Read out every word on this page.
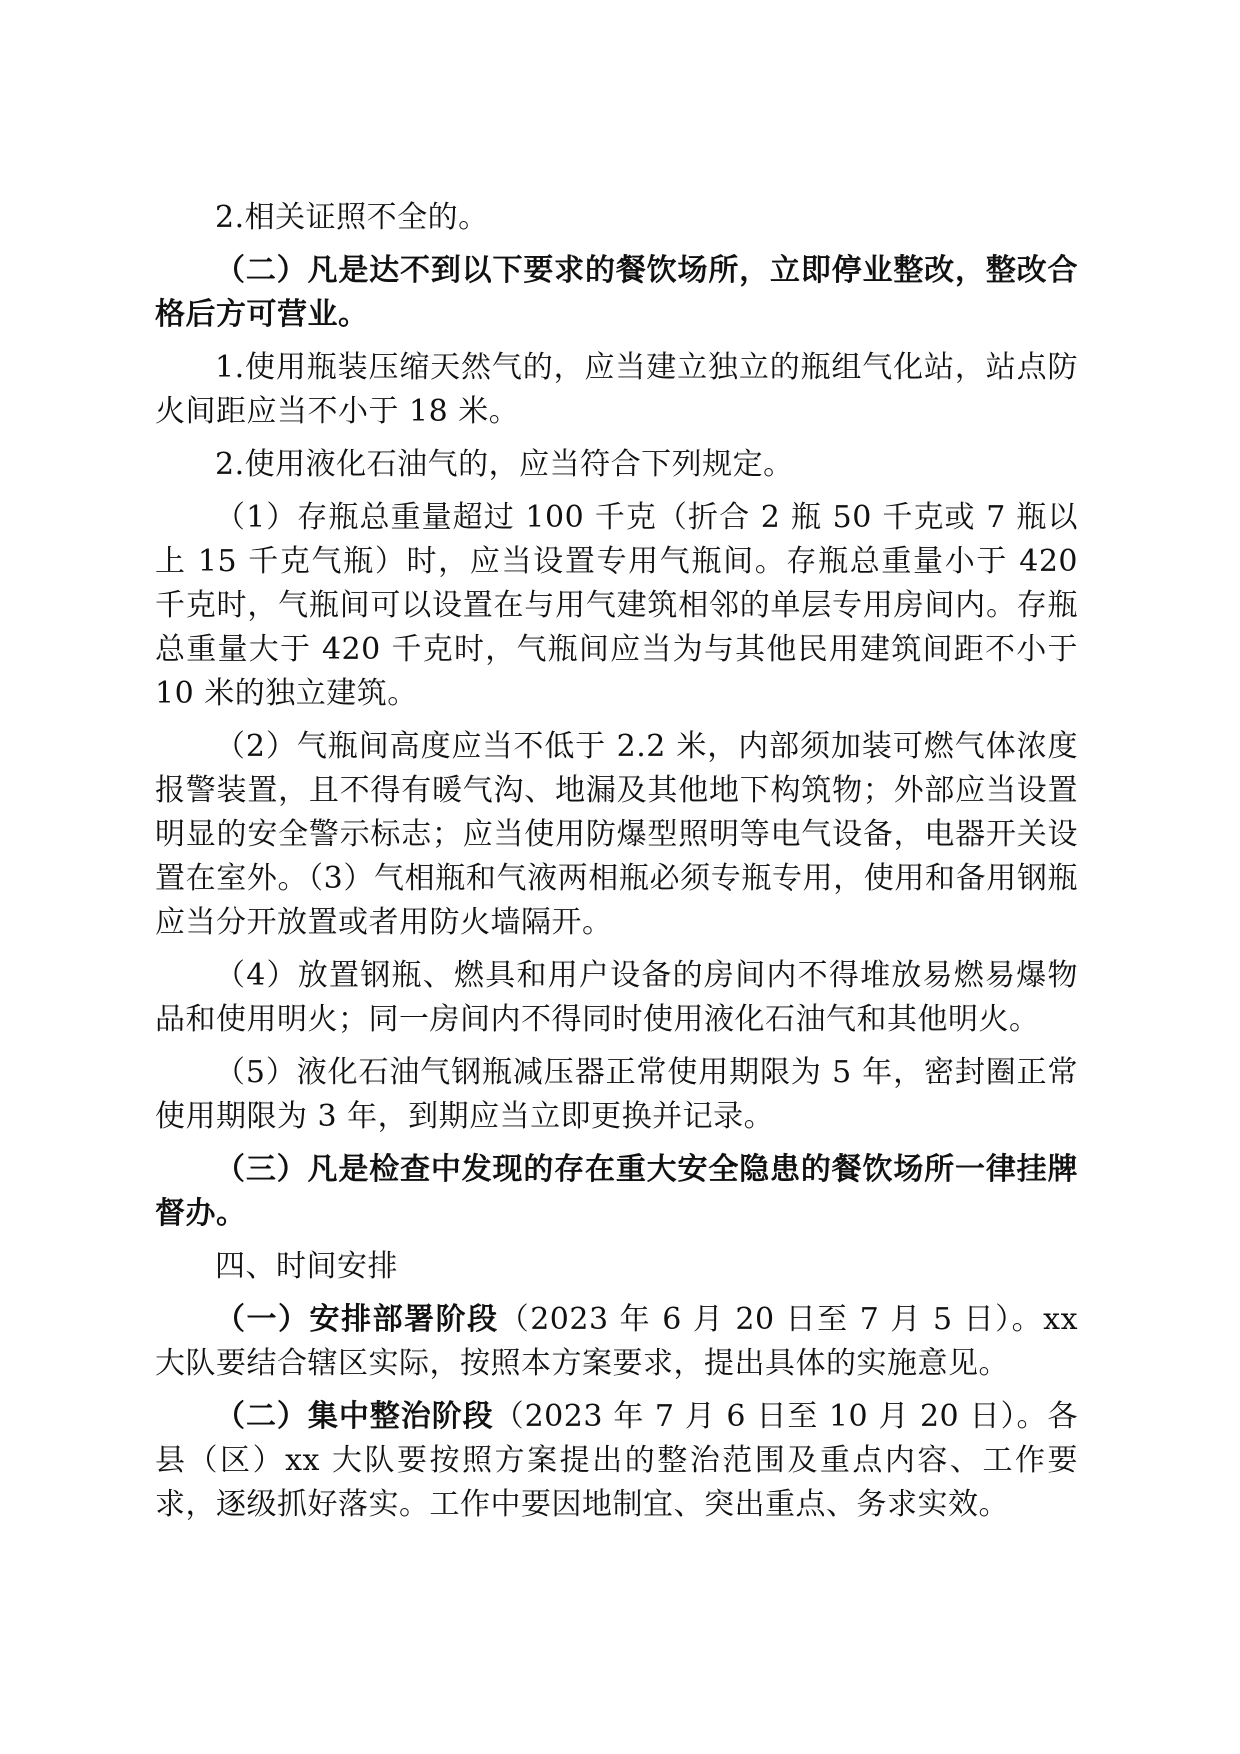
2.相关证照不全的。

（二）凡是达不到以下要求的餐饮场所，立即停业整改，整改合格后方可营业。

1.使用瓶装压缩天然气的，应当建立独立的瓶组气化站，站点防火间距应当不小于 18 米。

2.使用液化石油气的，应当符合下列规定。

（1）存瓶总重量超过 100 千克（折合 2 瓶 50 千克或 7 瓶以上 15 千克气瓶）时，应当设置专用气瓶间。存瓶总重量小于 420 千克时，气瓶间可以设置在与用气建筑相邻的单层专用房间内。存瓶总重量大于 420 千克时，气瓶间应当为与其他民用建筑间距不小于 10 米的独立建筑。

（2）气瓶间高度应当不低于 2.2 米，内部须加装可燃气体浓度报警装置，且不得有暖气沟、地漏及其他地下构筑物；外部应当设置明显的安全警示标志；应当使用防爆型照明等电气设备，电器开关设置在室外。（3）气相瓶和气液两相瓶必须专瓶专用，使用和备用钢瓶应当分开放置或者用防火墙隔开。

（4）放置钢瓶、燃具和用户设备的房间内不得堆放易燃易爆物品和使用明火；同一房间内不得同时使用液化石油气和其他明火。

（5）液化石油气钢瓶减压器正常使用期限为 5 年，密封圈正常使用期限为 3 年，到期应当立即更换并记录。

（三）凡是检查中发现的存在重大安全隐患的餐饮场所一律挂牌督办。

四、时间安排

（一）安排部署阶段（2023 年 6 月 20 日至 7 月 5 日）。xx 大队要结合辖区实际，按照本方案要求，提出具体的实施意见。

（二）集中整治阶段（2023 年 7 月 6 日至 10 月 20 日）。各县（区）xx 大队要按照方案提出的整治范围及重点内容、工作要求，逐级抓好落实。工作中要因地制宜、突出重点、务求实效。
